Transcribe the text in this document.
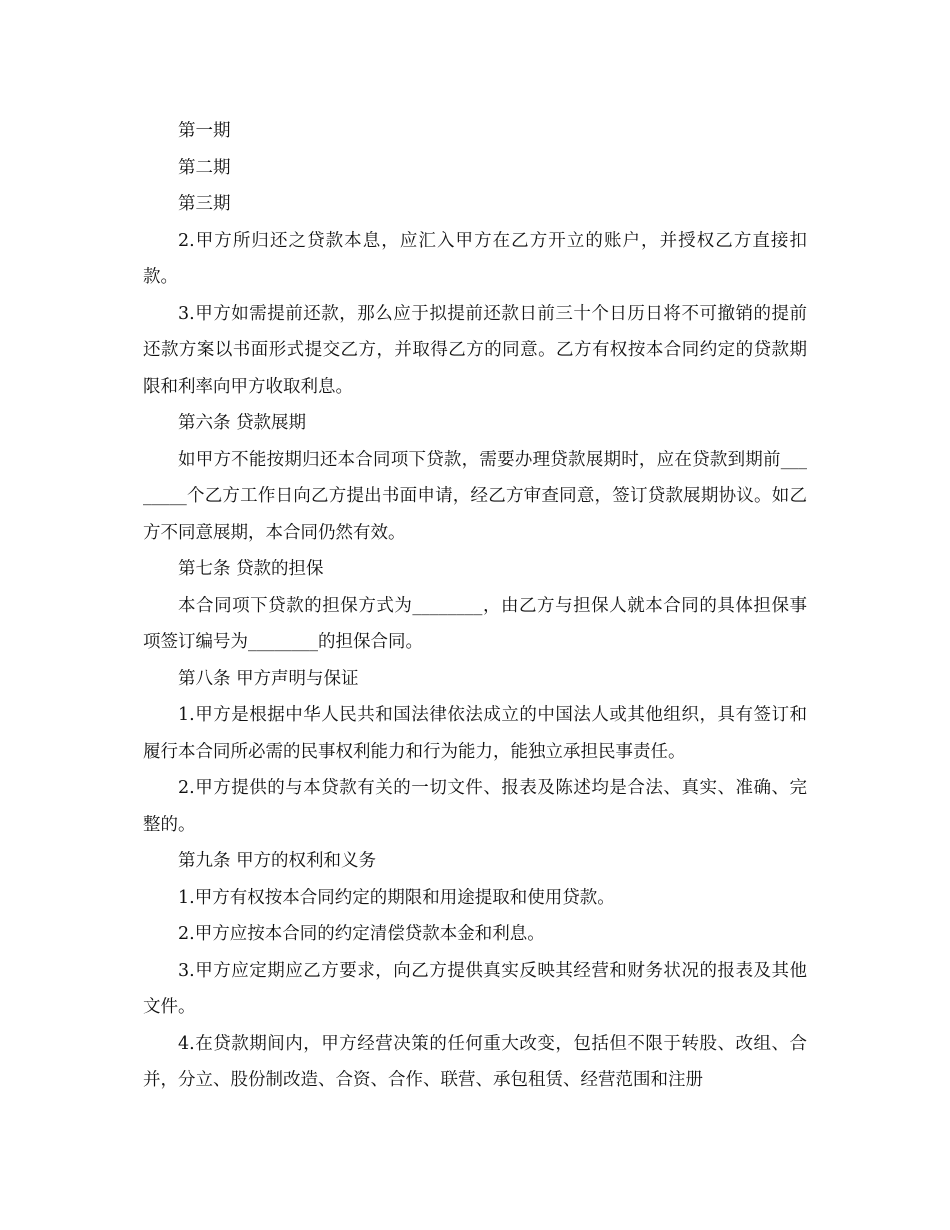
第一期

第二期

第三期

2.甲方所归还之贷款本息，应汇入甲方在乙方开立的账户，并授权乙方直接扣款。

3.甲方如需提前还款，那么应于拟提前还款日前三十个日历日将不可撤销的提前还款方案以书面形式提交乙方，并取得乙方的同意。乙方有权按本合同约定的贷款期限和利率向甲方收取利息。

第六条 贷款展期

如甲方不能按期归还本合同项下贷款，需要办理贷款展期时，应在贷款到期前________个乙方工作日向乙方提出书面申请，经乙方审查同意，签订贷款展期协议。如乙方不同意展期，本合同仍然有效。

第七条 贷款的担保

本合同项下贷款的担保方式为________，由乙方与担保人就本合同的具体担保事项签订编号为________的担保合同。

第八条 甲方声明与保证

1.甲方是根据中华人民共和国法律依法成立的中国法人或其他组织，具有签订和履行本合同所必需的民事权利能力和行为能力，能独立承担民事责任。

2.甲方提供的与本贷款有关的一切文件、报表及陈述均是合法、真实、准确、完整的。

第九条 甲方的权利和义务

1.甲方有权按本合同约定的期限和用途提取和使用贷款。

2.甲方应按本合同的约定清偿贷款本金和利息。

3.甲方应定期应乙方要求，向乙方提供真实反映其经营和财务状况的报表及其他文件。

4.在贷款期间内，甲方经营决策的任何重大改变，包括但不限于转股、改组、合并，分立、股份制改造、合资、合作、联营、承包租赁、经营范围和注册
